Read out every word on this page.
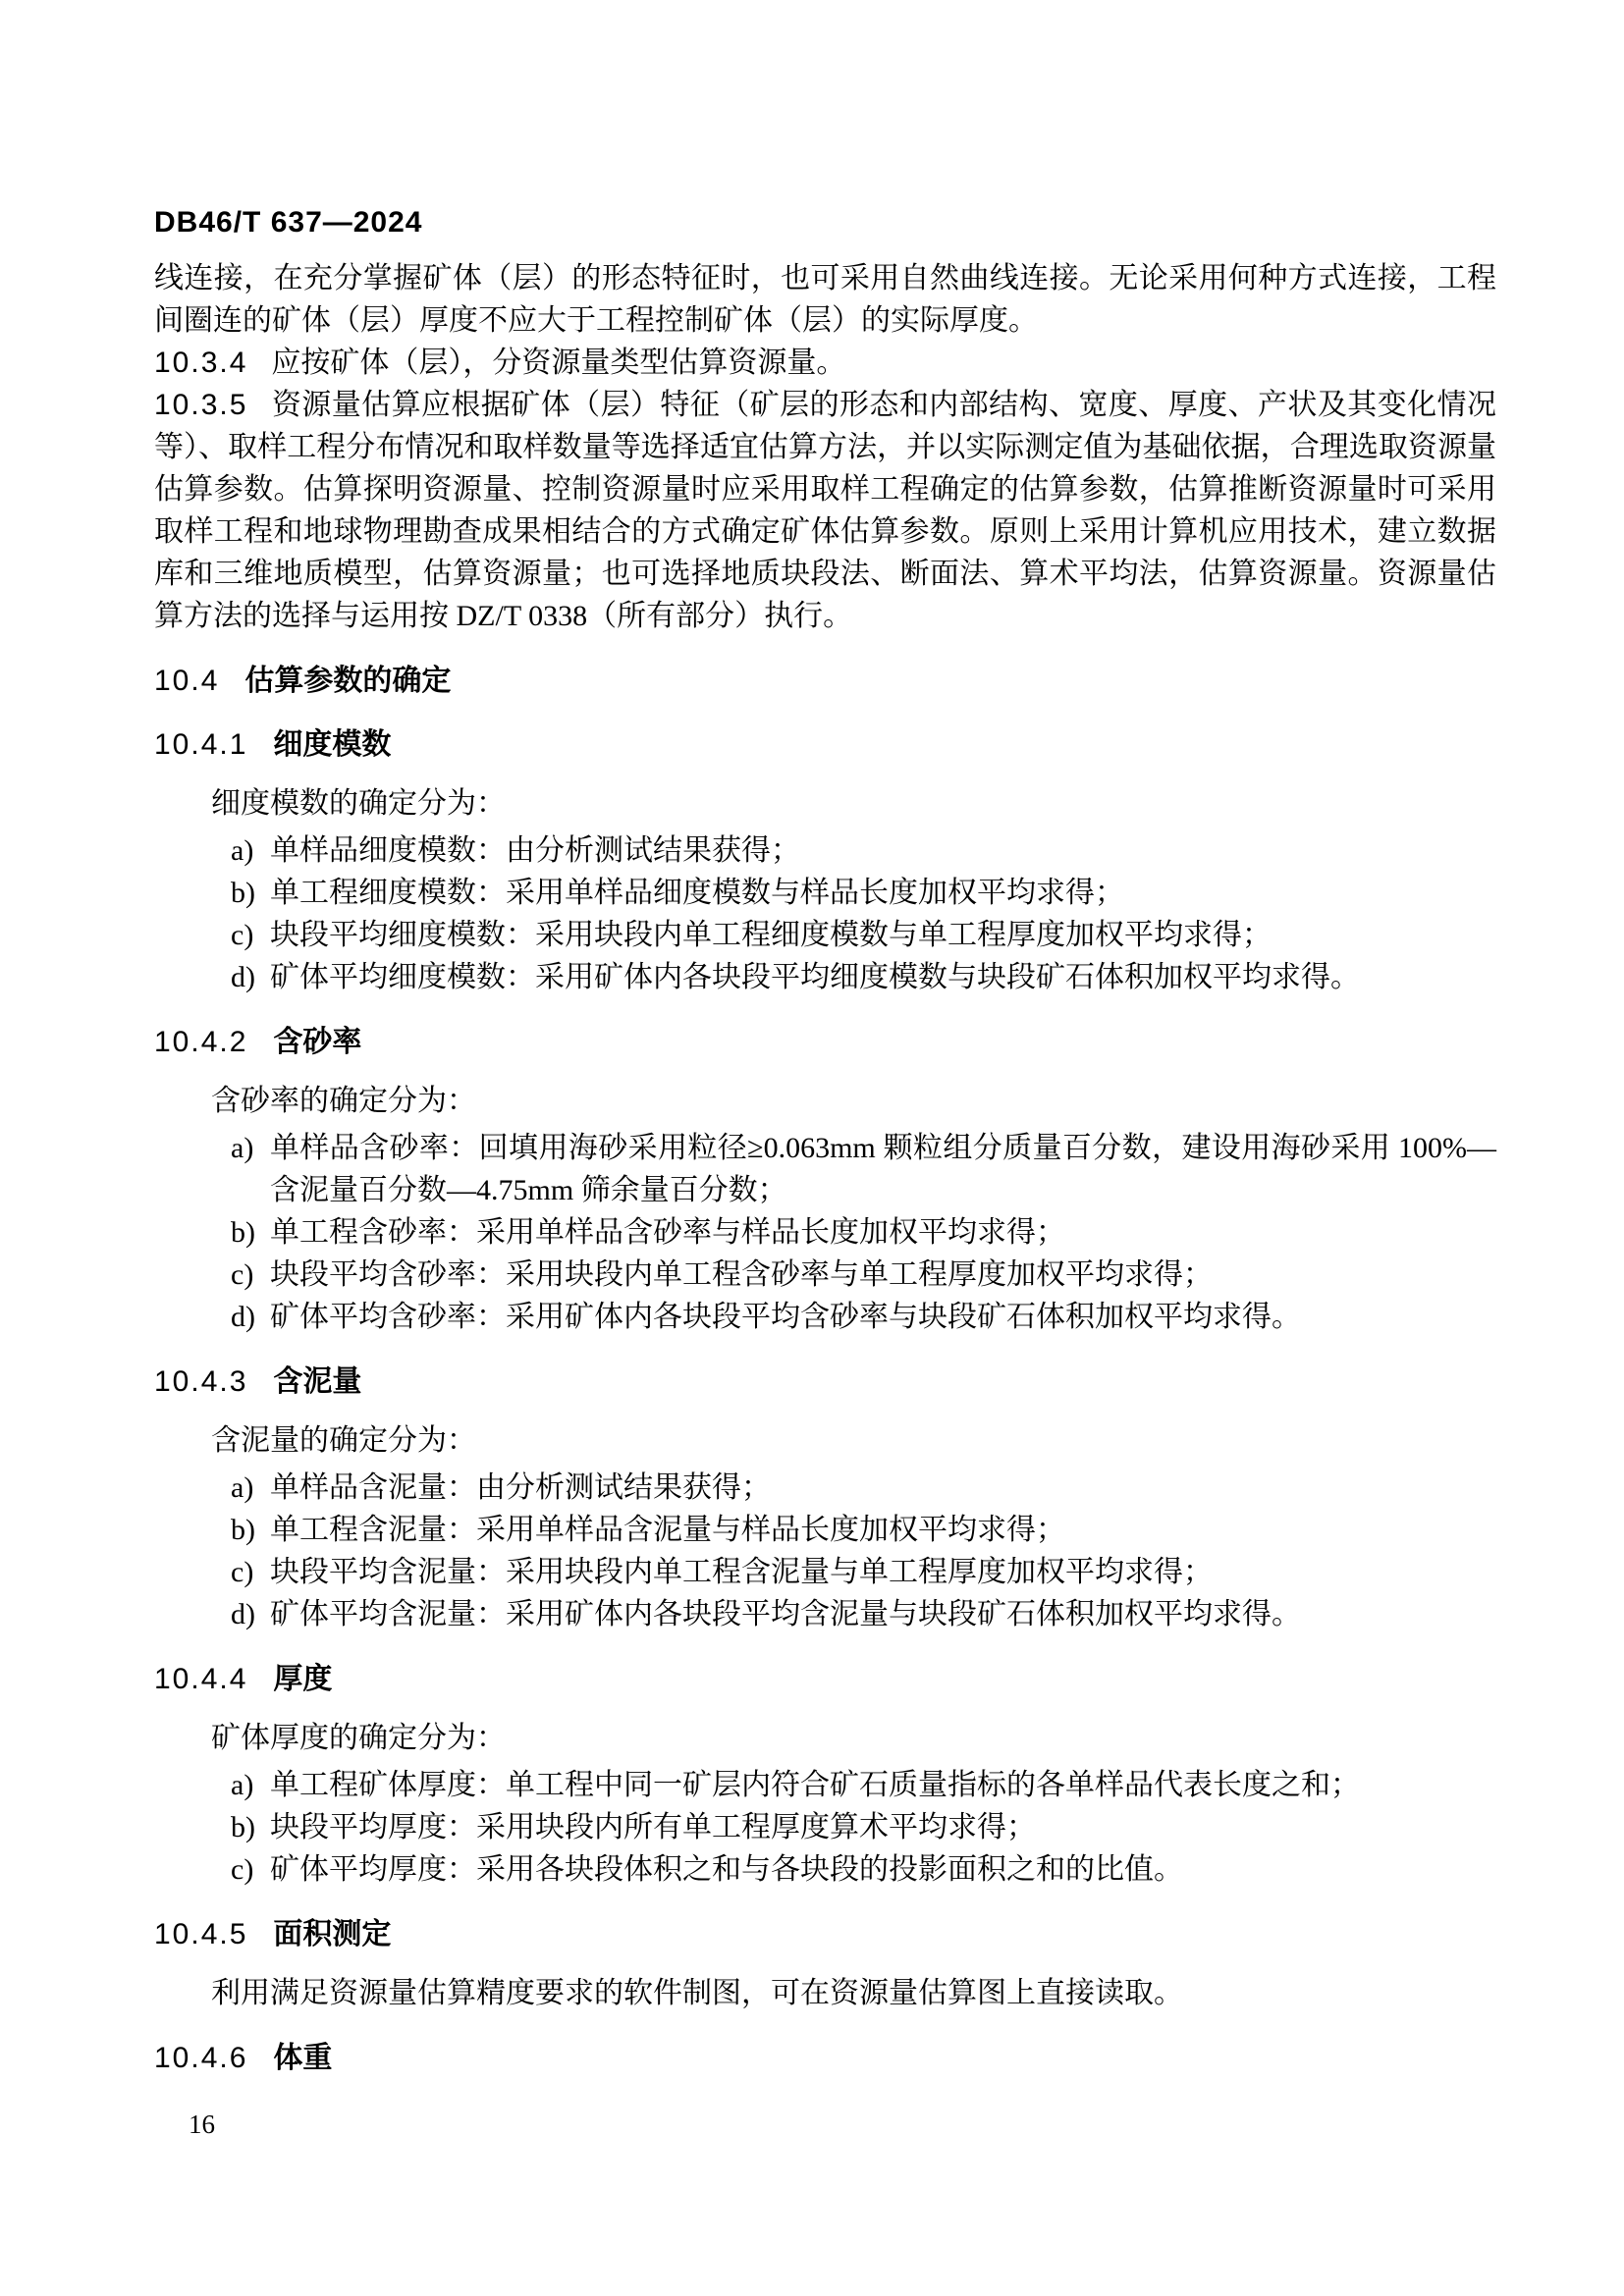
DB46/T 637—2024

线连接，在充分掌握矿体（层）的形态特征时，也可采用自然曲线连接。无论采用何种方式连接，工程间圈连的矿体（层）厚度不应大于工程控制矿体（层）的实际厚度。

10.3.4 应按矿体（层），分资源量类型估算资源量。

10.3.5 资源量估算应根据矿体（层）特征（矿层的形态和内部结构、宽度、厚度、产状及其变化情况等）、取样工程分布情况和取样数量等选择适宜估算方法，并以实际测定值为基础依据，合理选取资源量估算参数。估算探明资源量、控制资源量时应采用取样工程确定的估算参数，估算推断资源量时可采用取样工程和地球物理勘查成果相结合的方式确定矿体估算参数。原则上采用计算机应用技术，建立数据库和三维地质模型，估算资源量；也可选择地质块段法、断面法、算术平均法，估算资源量。资源量估算方法的选择与运用按 DZ/T 0338（所有部分）执行。

10.4 估算参数的确定
10.4.1 细度模数

细度模数的确定分为：

a) 单样品细度模数：由分析测试结果获得；
b) 单工程细度模数：采用单样品细度模数与样品长度加权平均求得；
c) 块段平均细度模数：采用块段内单工程细度模数与单工程厚度加权平均求得；
d) 矿体平均细度模数：采用矿体内各块段平均细度模数与块段矿石体积加权平均求得。
10.4.2 含砂率

含砂率的确定分为：

a) 单样品含砂率：回填用海砂采用粒径≥0.063mm 颗粒组分质量百分数，建设用海砂采用 100%—含泥量百分数—4.75mm 筛余量百分数；
b) 单工程含砂率：采用单样品含砂率与样品长度加权平均求得；
c) 块段平均含砂率：采用块段内单工程含砂率与单工程厚度加权平均求得；
d) 矿体平均含砂率：采用矿体内各块段平均含砂率与块段矿石体积加权平均求得。
10.4.3 含泥量

含泥量的确定分为：

a) 单样品含泥量：由分析测试结果获得；
b) 单工程含泥量：采用单样品含泥量与样品长度加权平均求得；
c) 块段平均含泥量：采用块段内单工程含泥量与单工程厚度加权平均求得；
d) 矿体平均含泥量：采用矿体内各块段平均含泥量与块段矿石体积加权平均求得。
10.4.4 厚度

矿体厚度的确定分为：

a) 单工程矿体厚度：单工程中同一矿层内符合矿石质量指标的各单样品代表长度之和；
b) 块段平均厚度：采用块段内所有单工程厚度算术平均求得；
c) 矿体平均厚度：采用各块段体积之和与各块段的投影面积之和的比值。
10.4.5 面积测定

利用满足资源量估算精度要求的软件制图，可在资源量估算图上直接读取。

10.4.6 体重
16
